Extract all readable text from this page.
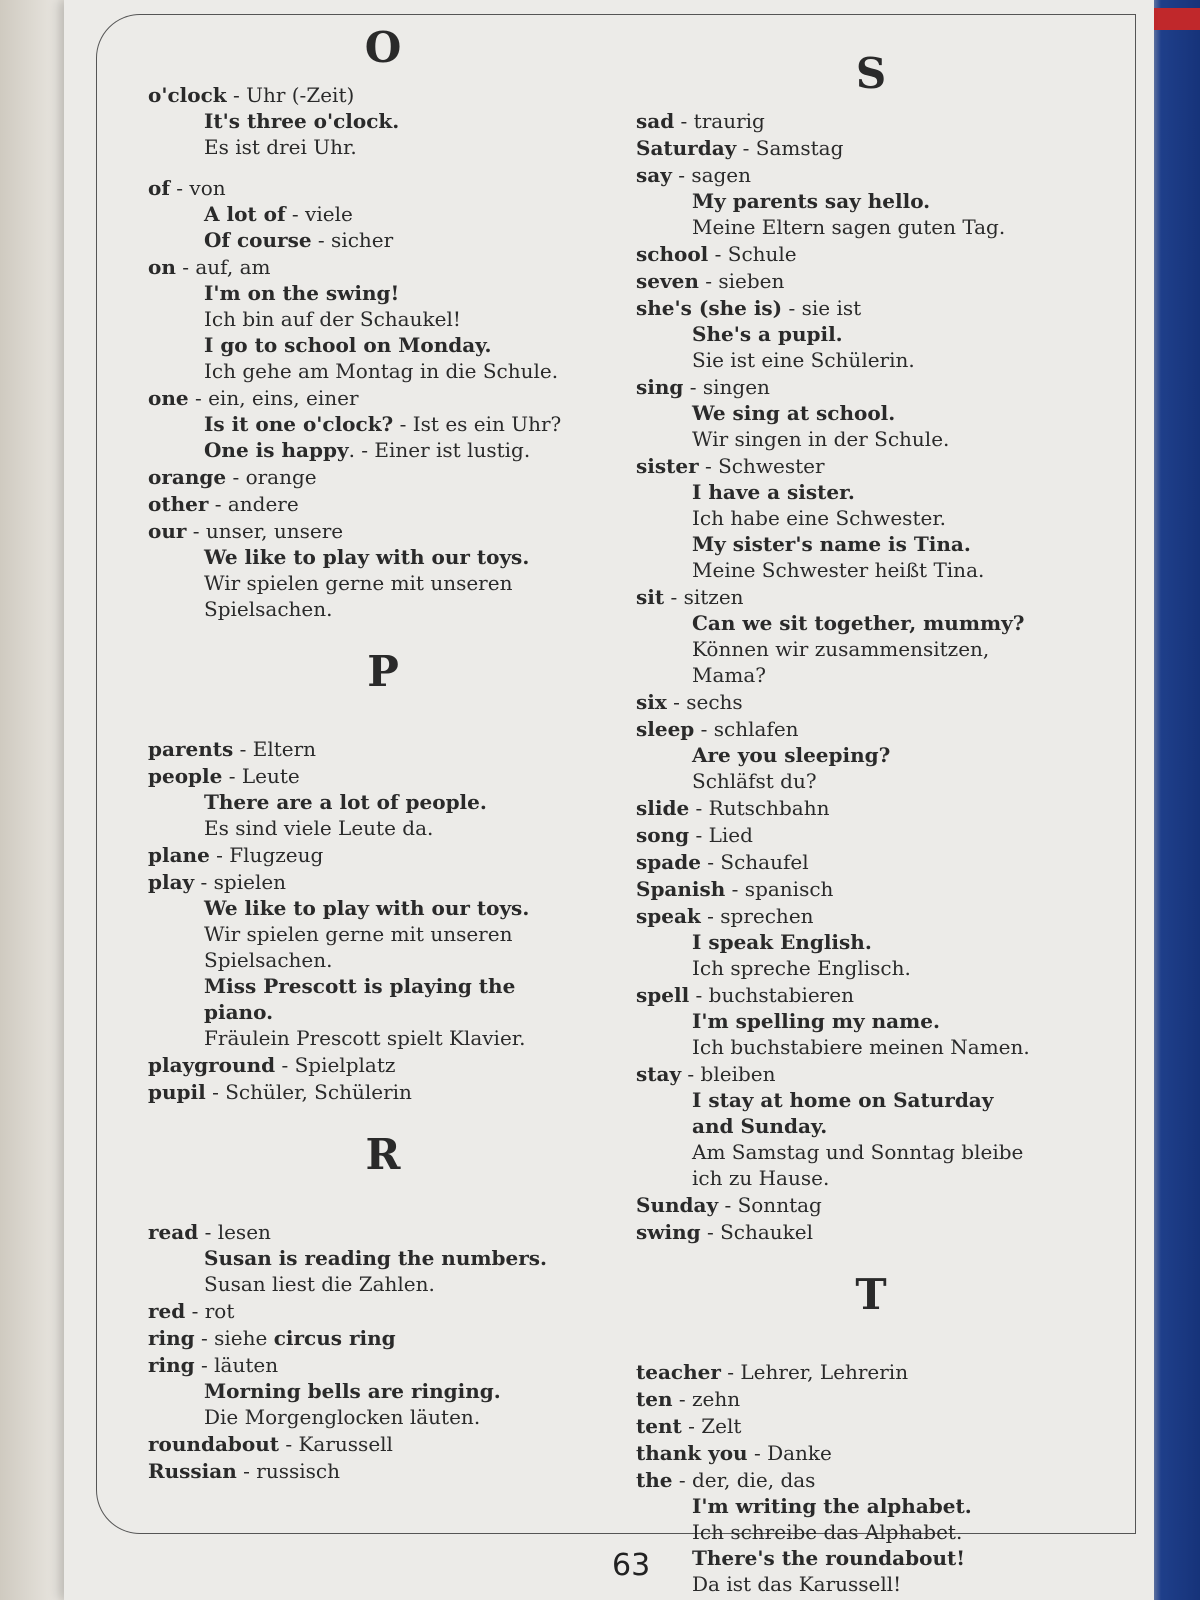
O
o'clock - Uhr (-Zeit)
It's three o'clock.
Es ist drei Uhr.
of - von
A lot of - viele
Of course - sicher
on - auf, am
I'm on the swing!
Ich bin auf der Schaukel!
I go to school on Monday.
Ich gehe am Montag in die Schule.
one - ein, eins, einer
Is it one o'clock? - Ist es ein Uhr?
One is happy. - Einer ist lustig.
orange - orange
other - andere
our - unser, unsere
We like to play with our toys.
Wir spielen gerne mit unseren
Spielsachen.
P
parents - Eltern
people - Leute
There are a lot of people.
Es sind viele Leute da.
plane - Flugzeug
play - spielen
We like to play with our toys.
Wir spielen gerne mit unseren
Spielsachen.
Miss Prescott is playing the
piano.
Fräulein Prescott spielt Klavier.
playground - Spielplatz
pupil - Schüler, Schülerin
R
read - lesen
Susan is reading the numbers.
Susan liest die Zahlen.
red - rot
ring - siehe circus ring
ring - läuten
Morning bells are ringing.
Die Morgenglocken läuten.
roundabout - Karussell
Russian - russisch
S
sad - traurig
Saturday - Samstag
say - sagen
My parents say hello.
Meine Eltern sagen guten Tag.
school - Schule
seven - sieben
she's (she is) - sie ist
She's a pupil.
Sie ist eine Schülerin.
sing - singen
We sing at school.
Wir singen in der Schule.
sister - Schwester
I have a sister.
Ich habe eine Schwester.
My sister's name is Tina.
Meine Schwester heißt Tina.
sit - sitzen
Can we sit together, mummy?
Können wir zusammensitzen,
Mama?
six - sechs
sleep - schlafen
Are you sleeping?
Schläfst du?
slide - Rutschbahn
song - Lied
spade - Schaufel
Spanish - spanisch
speak - sprechen
I speak English.
Ich spreche Englisch.
spell - buchstabieren
I'm spelling my name.
Ich buchstabiere meinen Namen.
stay - bleiben
I stay at home on Saturday
and Sunday.
Am Samstag und Sonntag bleibe
ich zu Hause.
Sunday - Sonntag
swing - Schaukel
T
teacher - Lehrer, Lehrerin
ten - zehn
tent - Zelt
thank you - Danke
the - der, die, das
I'm writing the alphabet.
Ich schreibe das Alphabet.
There's the roundabout!
Da ist das Karussell!
63
